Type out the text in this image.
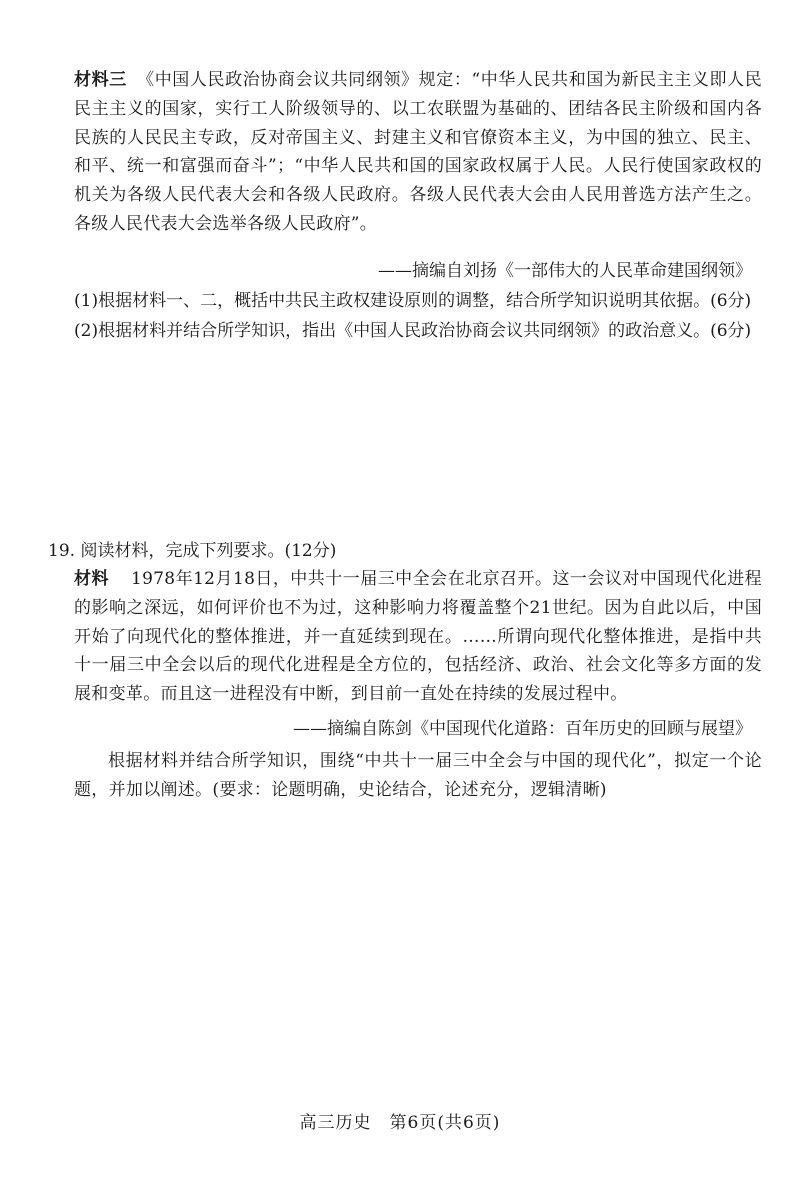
材料三 《中国人民政治协商会议共同纲领》规定：“中华人民共和国为新民主主义即人民民主主义的国家，实行工人阶级领导的、以工农联盟为基础的、团结各民主阶级和国内各民族的人民民主专政，反对帝国主义、封建主义和官僚资本主义，为中国的独立、民主、和平、统一和富强而奋斗”；“中华人民共和国的国家政权属于人民。人民行使国家政权的机关为各级人民代表大会和各级人民政府。各级人民代表大会由人民用普选方法产生之。各级人民代表大会选举各级人民政府”。

——摘编自刘扬《一部伟大的人民革命建国纲领》
(1)根据材料一、二，概括中共民主政权建设原则的调整，结合所学知识说明其依据。(6分)
(2)根据材料并结合所学知识，指出《中国人民政治协商会议共同纲领》的政治意义。(6分)
19. 阅读材料，完成下列要求。(12分)

材料 1978年12月18日，中共十一届三中全会在北京召开。这一会议对中国现代化进程的影响之深远，如何评价也不为过，这种影响力将覆盖整个21世纪。因为自此以后，中国开始了向现代化的整体推进，并一直延续到现在。……所谓向现代化整体推进，是指中共十一届三中全会以后的现代化进程是全方位的，包括经济、政治、社会文化等多方面的发展和变革。而且这一进程没有中断，到目前一直处在持续的发展过程中。

——摘编自陈剑《中国现代化道路：百年历史的回顾与展望》

根据材料并结合所学知识，围绕“中共十一届三中全会与中国的现代化”，拟定一个论题，并加以阐述。(要求：论题明确，史论结合，论述充分，逻辑清晰)

高三历史　第6页(共6页)
